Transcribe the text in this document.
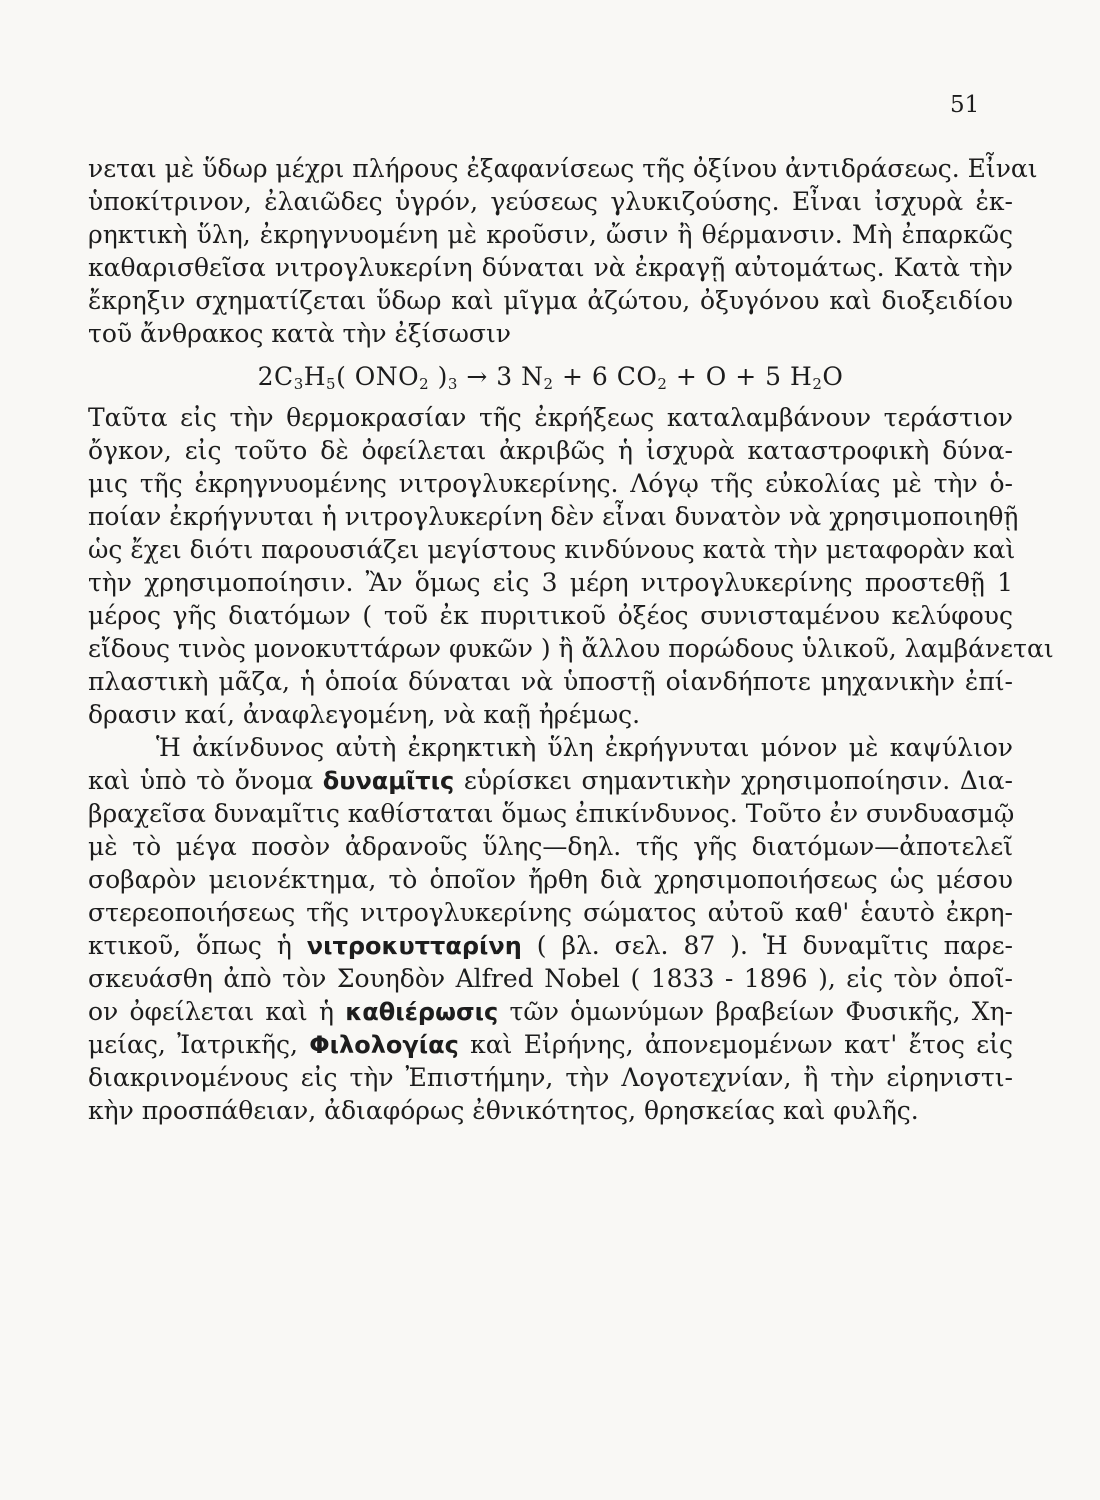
51
νεται μὲ ὕδωρ μέχρι πλήρους ἐξαφανίσεως τῆς ὀξίνου ἀντιδράσεως. Εἶναι
ὑποκίτρινον, ἐλαιῶδες ὑγρόν, γεύσεως γλυκιζούσης. Εἶναι ἰσχυρὰ ἐκ-
ρηκτικὴ ὕλη, ἐκρηγνυομένη μὲ κροῦσιν, ὤσιν ἢ θέρμανσιν. Μὴ ἐπαρκῶς
καθαρισθεῖσα νιτρογλυκερίνη δύναται νὰ ἐκραγῇ αὐτομάτως. Κατὰ τὴν
ἔκρηξιν σχηματίζεται ὕδωρ καὶ μῖγμα ἀζώτου, ὀξυγόνου καὶ διοξειδίου
τοῦ ἄνθρακος κατὰ τὴν ἐξίσωσιν
$2C_3H_5$( $ONO_2$ )$_3 \to 3$ $N_2 + 6$ $CO_2 + O + 5$ $H_2O$
Ταῦτα εἰς τὴν θερμοκρασίαν τῆς ἐκρήξεως καταλαμβάνουν τεράστιον
ὄγκον, εἰς τοῦτο δὲ ὀφείλεται ἀκριβῶς ἡ ἰσχυρὰ καταστροφικὴ δύνα-
μις τῆς ἐκρηγνυομένης νιτρογλυκερίνης. Λόγῳ τῆς εὐκολίας μὲ τὴν ὁ-
ποίαν ἐκρήγνυται ἡ νιτρογλυκερίνη δὲν εἶναι δυνατὸν νὰ χρησιμοποιηθῇ
ὡς ἔχει διότι παρουσιάζει μεγίστους κινδύνους κατὰ τὴν μεταφορὰν καὶ
τὴν χρησιμοποίησιν. Ἂν ὅμως εἰς 3 μέρη νιτρογλυκερίνης προστεθῇ 1
μέρος γῆς διατόμων ( τοῦ ἐκ πυριτικοῦ ὀξέος συνισταμένου κελύφους
εἴδους τινὸς μονοκυττάρων φυκῶν ) ἢ ἄλλου πορώδους ὑλικοῦ, λαμβάνεται
πλαστικὴ μᾶζα, ἡ ὁποία δύναται νὰ ὑποστῇ οἱανδήποτε μηχανικὴν ἐπί-
δρασιν καί, ἀναφλεγομένη, νὰ καῇ ἠρέμως.
Ἡ ἀκίνδυνος αὐτὴ ἐκρηκτικὴ ὕλη ἐκρήγνυται μόνον μὲ καψύλιον
καὶ ὑπὸ τὸ ὄνομα δυναμῖτις εὑρίσκει σημαντικὴν χρησιμοποίησιν. Δια-
βραχεῖσα δυναμῖτις καθίσταται ὅμως ἐπικίνδυνος. Τοῦτο ἐν συνδυασμῷ
μὲ τὸ μέγα ποσὸν ἀδρανοῦς ὕλης—δηλ. τῆς γῆς διατόμων—ἀποτελεῖ
σοβαρὸν μειονέκτημα, τὸ ὁποῖον ἤρθη διὰ χρησιμοποιήσεως ὡς μέσου
στερεοποιήσεως τῆς νιτρογλυκερίνης σώματος αὐτοῦ καθ' ἑαυτὸ ἐκρη-
κτικοῦ, ὅπως ἡ νιτροκυτταρίνη ( βλ. σελ. 87 ). Ἡ δυναμῖτις παρε-
σκευάσθη ἀπὸ τὸν Σουηδὸν Alfred Nobel ( 1833 - 1896 ), εἰς τὸν ὁποῖ-
ον ὀφείλεται καὶ ἡ καθιέρωσις τῶν ὁμωνύμων βραβείων Φυσικῆς, Χη-
μείας, Ἰατρικῆς, Φιλολογίας καὶ Εἰρήνης, ἀπονεμομένων κατ' ἔτος εἰς
διακρινομένους εἰς τὴν Ἐπιστήμην, τὴν Λογοτεχνίαν, ἢ τὴν εἰρηνιστι-
κὴν προσπάθειαν, ἀδιαφόρως ἐθνικότητος, θρησκείας καὶ φυλῆς.
